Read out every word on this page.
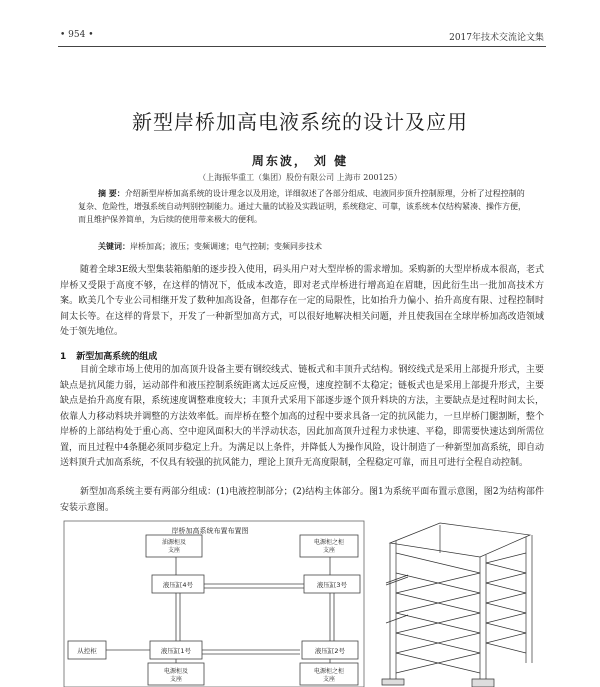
• 954 •	2017年技术交流论文集
新型岸桥加高电液系统的设计及应用
周东波， 刘 健
（上海振华重工（集团）股份有限公司 上海市 200125）
摘 要：介绍新型岸桥加高系统的设计理念以及用途，详细叙述了各部分组成、电液同步顶升控制原理，分析了过程控制的复杂、危险性，增强系统自动判别控制能力。通过大量的试验及实践证明，系统稳定、可靠，该系统本仅结构紧凑、操作方便，而且维护保养简单，为后续的使用带来极大的便利。
关键词：岸桥加高；液压；变频调速；电气控制；变频同步技术
随着全球3E级大型集装箱船舶的逐步投入使用，码头用户对大型岸桥的需求增加。采购新的大型岸桥成本很高，老式岸桥又受限于高度不够，在这样的情况下，低成本改造，即对老式岸桥进行增高迫在眉睫，因此衍生出一批加高技术方案。欧美几个专业公司相继开发了数种加高设备，但都存在一定的局限性，比如抬升力偏小、抬升高度有限、过程控制时间太长等。在这样的背景下，开发了一种新型加高方式，可以很好地解决相关问题，并且使我国在全球岸桥加高改造领域处于领先地位。
1 新型加高系统的组成
目前全球市场上使用的加高顶升设备主要有钢绞线式、链板式和丰顶升式结构。钢绞线式是采用上部提升形式，主要缺点是抗风能力弱，运动部件和液压控制系统距离太远反应慢，速度控制不太稳定；链板式也是采用上部提升形式，主要缺点是抬升高度有限，系统速度调整难度较大；丰顶升式采用下部逐步逐个顶升料块的方法，主要缺点是过程时间太长，依靠人力移动料块并调整的方法效率低。而岸桥在整个加高的过程中要求具备一定的抗风能力，一旦岸桥门腿割断，整个岸桥的上部结构处于重心高、空中迎风面积大的半浮动状态，因此加高顶升过程力求快速、平稳，即需要快速达到所需位置，而且过程中4条腿必须同步稳定上升。为满足以上条件，并降低人为操作风险，设计制造了一种新型加高系统，即自动送料顶升式加高系统，不仅具有较强的抗风能力，理论上顶升无高度限制，全程稳定可靠，而且可进行全程自动控制。
新型加高系统主要有两部分组成：(1)电液控制部分；(2)结构主体部分。图1为系统平面布置示意图，图2为结构部件安装示意图。
岸桥加高系统布置布置图
油源柜及支座
液压缸4号
电源柜之柜支座
液压缸3号
从控柜	液压缸1号	液压缸2号
电源柜及支座
电源柜之柜支座
